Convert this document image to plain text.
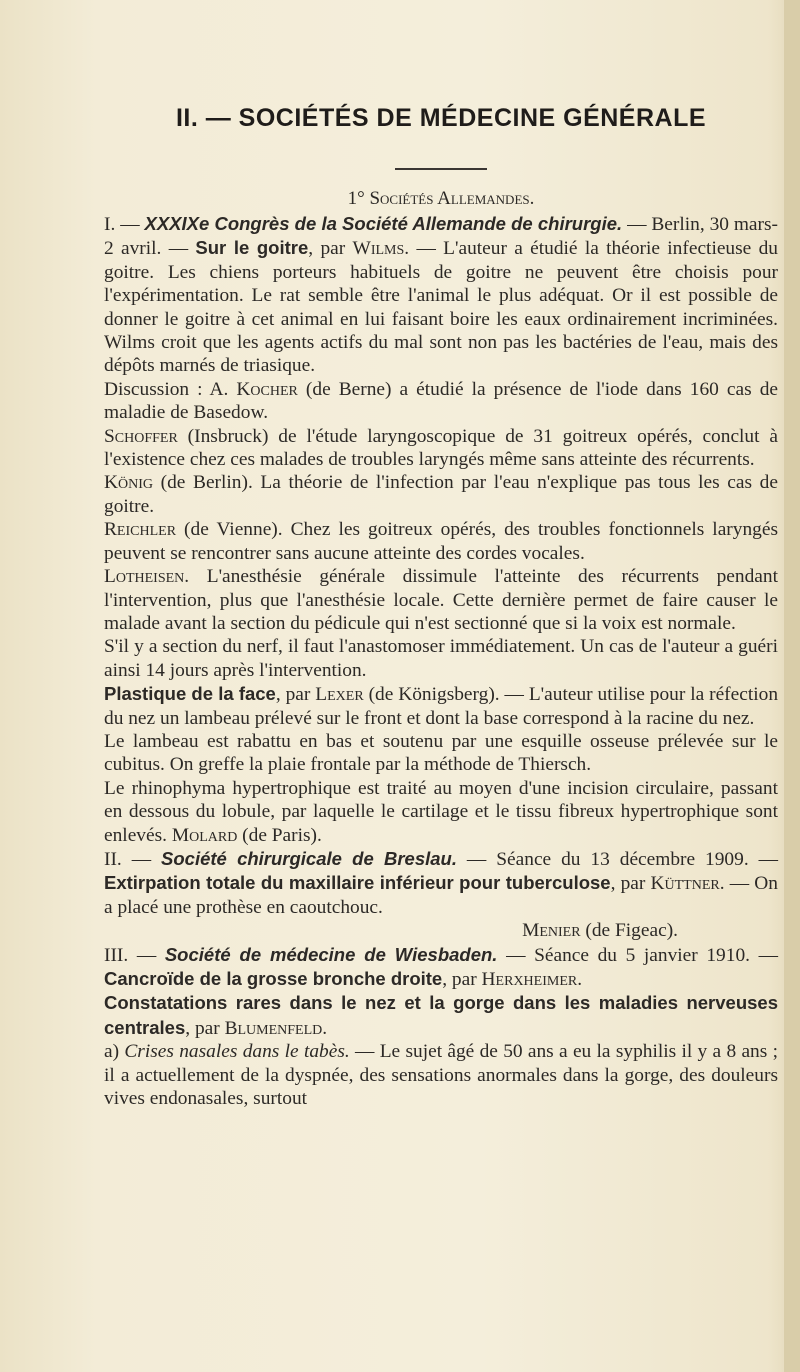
II. — SOCIÉTÉS DE MÉDECINE GÉNÉRALE
1° Sociétés Allemandes.

I. — XXXIXe Congrès de la Société Allemande de chirurgie. — Berlin, 30 mars-2 avril. — Sur le goitre, par Wilms. — L'auteur a étudié la théorie infectieuse du goitre. Les chiens porteurs habituels de goitre ne peuvent être choisis pour l'expérimentation. Le rat semble être l'animal le plus adéquat. Or il est possible de donner le goitre à cet animal en lui faisant boire les eaux ordinairement incriminées. Wilms croit que les agents actifs du mal sont non pas les bactéries de l'eau, mais des dépôts marnés de triasique.

Discussion : A. Kocher (de Berne) a étudié la présence de l'iode dans 160 cas de maladie de Basedow.

Schoffer (Insbruck) de l'étude laryngoscopique de 31 goitreux opérés, conclut à l'existence chez ces malades de troubles laryngés même sans atteinte des récurrents.

König (de Berlin). La théorie de l'infection par l'eau n'explique pas tous les cas de goitre.

Reichler (de Vienne). Chez les goitreux opérés, des troubles fonctionnels laryngés peuvent se rencontrer sans aucune atteinte des cordes vocales.

Lothеisen. L'anesthésie générale dissimule l'atteinte des récurrents pendant l'intervention, plus que l'anesthésie locale. Cette dernière permet de faire causer le malade avant la section du pédicule qui n'est sectionné que si la voix est normale.

S'il y a section du nerf, il faut l'anastomoser immédiatement. Un cas de l'auteur a guéri ainsi 14 jours après l'intervention.

Plastique de la face, par Lexer (de Königsberg). — L'auteur utilise pour la réfection du nez un lambeau prélevé sur le front et dont la base correspond à la racine du nez.

Le lambeau est rabattu en bas et soutenu par une esquille osseuse prélevée sur le cubitus. On greffe la plaie frontale par la méthode de Thiersch.

Le rhinophyma hypertrophique est traité au moyen d'une incision circulaire, passant en dessous du lobule, par laquelle le cartilage et le tissu fibreux hypertrophique sont enlevés. Molard (de Paris).

II. — Société chirurgicale de Breslau. — Séance du 13 décembre 1909. — Extirpation totale du maxillaire inférieur pour tuberculose, par Küttner. — On a placé une prothèse en caoutchouc.

Menier (de Figeac).

III. — Société de médecine de Wiesbaden. — Séance du 5 janvier 1910. — Cancroïde de la grosse bronche droite, par Herxheimer.

Constatations rares dans le nez et la gorge dans les maladies nerveuses centrales, par Blumenfeld.

a) Crises nasales dans le tabès. — Le sujet âgé de 50 ans a eu la syphilis il y a 8 ans ; il a actuellement de la dyspnée, des sensations anormales dans la gorge, des douleurs vives endonasales, surtout
